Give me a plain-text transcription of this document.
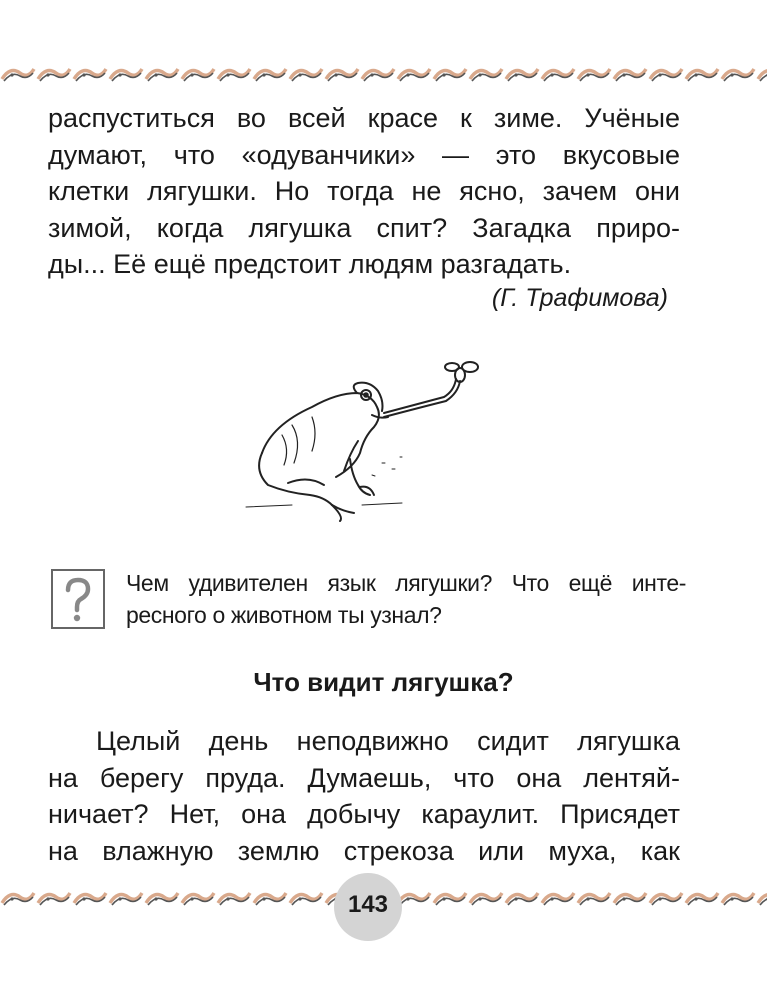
распуститься во всей красе к зиме. Учёные
думают, что «одуванчики» — это вкусовые
клетки лягушки. Но тогда не ясно, зачем они
зимой, когда лягушка спит? Загадка приро-
ды... Её ещё предстоит людям разгадать.
(Г. Трафимова)
Чем удивителен язык лягушки? Что ещё инте-
ресного о животном ты узнал?
Что видит лягушка?
Целый день неподвижно сидит лягушка
на берегу пруда. Думаешь, что она лентяй-
ничает? Нет, она добычу караулит. Присядет
на влажную землю стрекоза или муха, как
143
